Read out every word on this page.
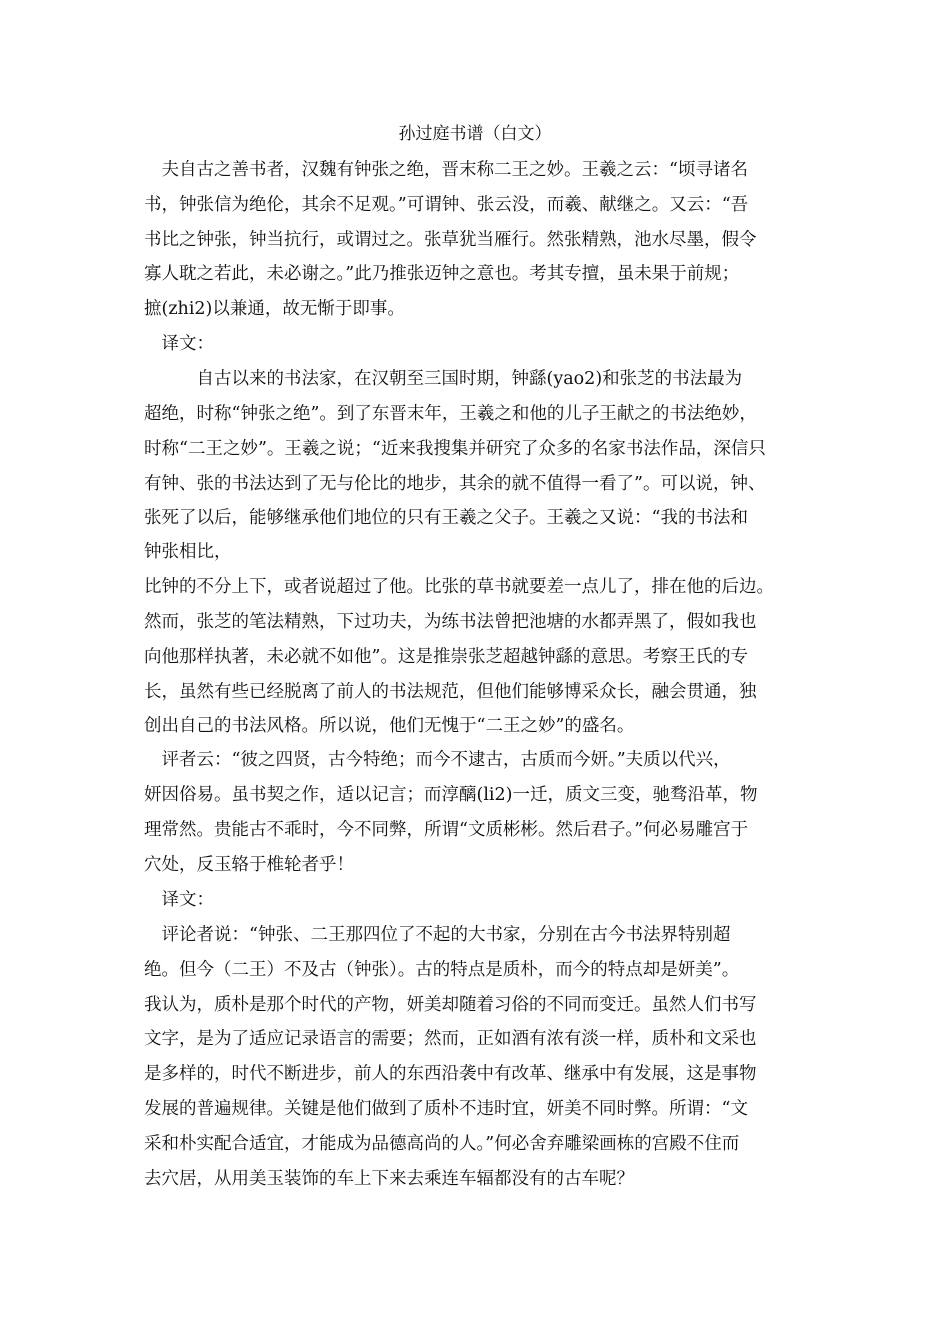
孙过庭书谱（白文）
　夫自古之善书者，汉魏有钟张之绝，晋末称二王之妙。王羲之云：“顷寻诸名
书，钟张信为绝伦，其余不足观。”可谓钟、张云没，而羲、献继之。又云：“吾
书比之钟张，钟当抗行，或谓过之。张草犹当雁行。然张精熟，池水尽墨，假令
寡人耽之若此，未必谢之。”此乃推张迈钟之意也。考其专擅，虽未果于前规；
摭(zhi2)以兼通，故无惭于即事。
　译文：
　　　自古以来的书法家，在汉朝至三国时期，钟繇(yao2)和张芝的书法最为
超绝，时称“钟张之绝”。到了东晋末年，王羲之和他的儿子王献之的书法绝妙，
时称“二王之妙”。王羲之说；“近来我搜集并研究了众多的名家书法作品，深信只
有钟、张的书法达到了无与伦比的地步，其余的就不值得一看了”。可以说，钟、
张死了以后，能够继承他们地位的只有王羲之父子。王羲之又说：“我的书法和
钟张相比，
比钟的不分上下，或者说超过了他。比张的草书就要差一点儿了，排在他的后边。
然而，张芝的笔法精熟，下过功夫，为练书法曾把池塘的水都弄黑了，假如我也
向他那样执著，未必就不如他”。这是推崇张芝超越钟繇的意思。考察王氏的专
长，虽然有些已经脱离了前人的书法规范，但他们能够博采众长，融会贯通，独
创出自己的书法风格。所以说，他们无愧于“二王之妙”的盛名。
　评者云：“彼之四贤，古今特绝；而今不逮古，古质而今妍。”夫质以代兴，
妍因俗易。虽书契之作，适以记言；而淳醨(li2)一迁，质文三变，驰骛沿革，物
理常然。贵能古不乖时，今不同弊，所谓“文质彬彬。然后君子。”何必易雕宫于
穴处，反玉辂于椎轮者乎！
　译文：
　评论者说：“钟张、二王那四位了不起的大书家，分别在古今书法界特别超
绝。但今（二王）不及古（钟张）。古的特点是质朴，而今的特点却是妍美”。
我认为，质朴是那个时代的产物，妍美却随着习俗的不同而变迁。虽然人们书写
文字，是为了适应记录语言的需要；然而，正如酒有浓有淡一样，质朴和文采也
是多样的，时代不断进步，前人的东西沿袭中有改革、继承中有发展，这是事物
发展的普遍规律。关键是他们做到了质朴不违时宜，妍美不同时弊。所谓：“文
采和朴实配合适宜，才能成为品德高尚的人。”何必舍弃雕梁画栋的宫殿不住而
去穴居，从用美玉装饰的车上下来去乘连车辐都没有的古车呢？
